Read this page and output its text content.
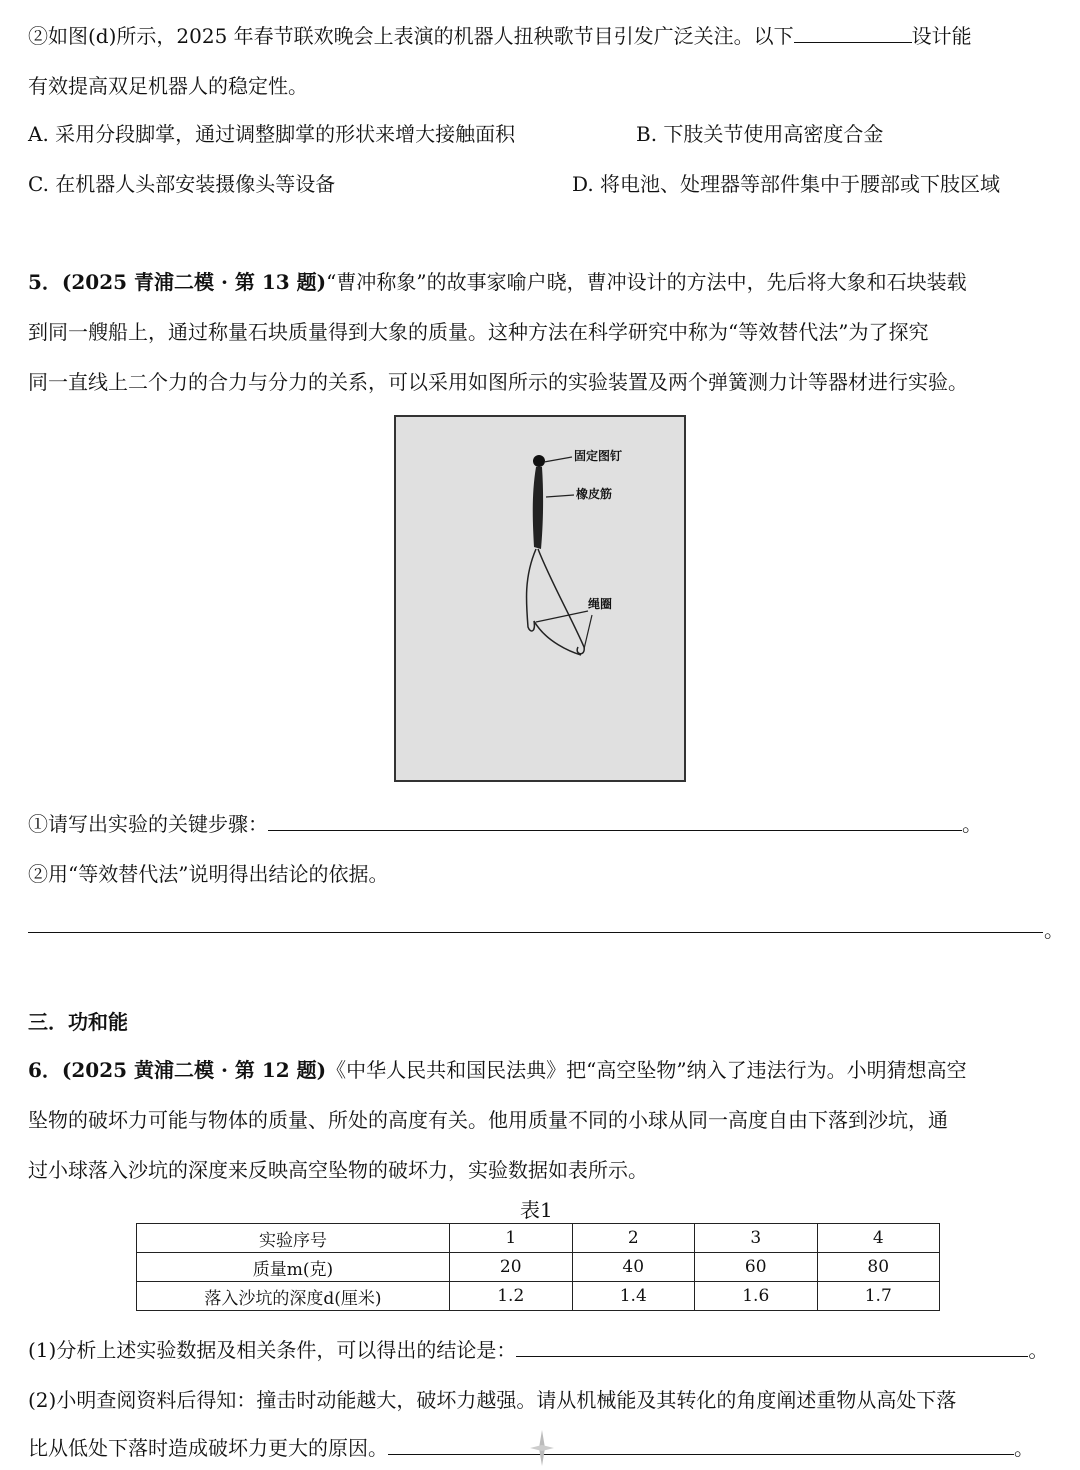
②如图(d)所示，2025 年春节联欢晚会上表演的机器人扭秧歌节目引发广泛关注。以下	设计能
有效提高双足机器人的稳定性。
A. 采用分段脚掌，通过调整脚掌的形状来增大接触面积	B. 下肢关节使用高密度合金
C. 在机器人头部安装摄像头等设备	D. 将电池、处理器等部件集中于腰部或下肢区域
5．(2025 青浦二模 · 第 13 题)“曹冲称象”的故事家喻户晓，曹冲设计的方法中，先后将大象和石块装载
到同一艘船上，通过称量石块质量得到大象的质量。这种方法在科学研究中称为“等效替代法”为了探究
同一直线上二个力的合力与分力的关系，可以采用如图所示的实验装置及两个弹簧测力计等器材进行实验。
固定图钉
橡皮筋
绳圈
①请写出实验的关键步骤：	。
②用“等效替代法”说明得出结论的依据。
。
三．功和能
6．(2025 黄浦二模 · 第 12 题)《中华人民共和国民法典》把“高空坠物”纳入了违法行为。小明猜想高空
坠物的破坏力可能与物体的质量、所处的高度有关。他用质量不同的小球从同一高度自由下落到沙坑，通
过小球落入沙坑的深度来反映高空坠物的破坏力，实验数据如表所示。
表1
实验序号	1	2	3	4
质量m(克)	20	40	60	80
落入沙坑的深度d(厘米)	1.2	1.4	1.6	1.7
(1)分析上述实验数据及相关条件，可以得出的结论是：	。
(2)小明查阅资料后得知：撞击时动能越大，破坏力越强。请从机械能及其转化的角度阐述重物从高处下落
比从低处下落时造成破坏力更大的原因。	。
